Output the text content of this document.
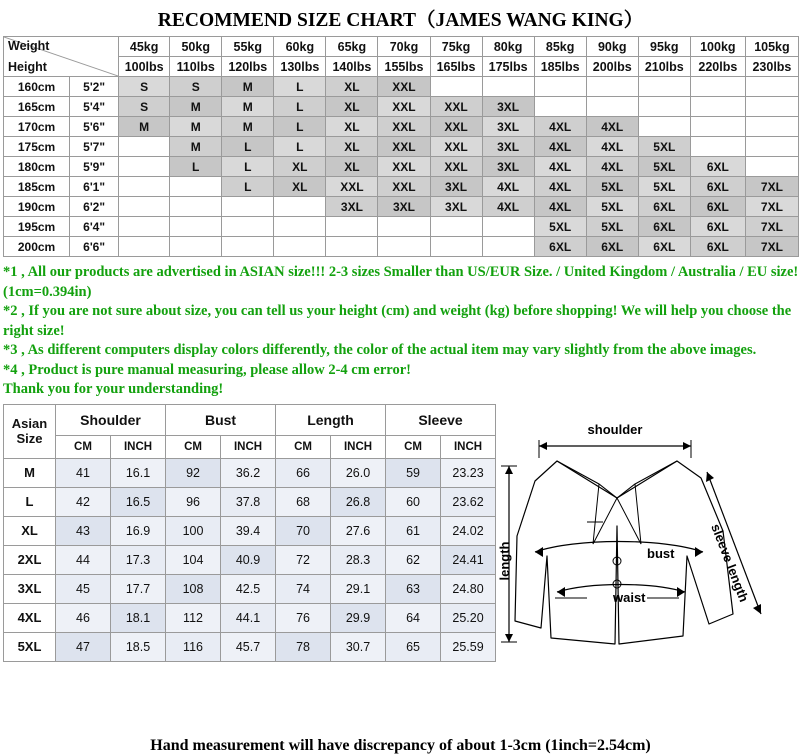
RECOMMEND SIZE CHART（JAMES WANG KING）
Weight
Height		45kg	50kg	55kg	60kg	65kg	70kg	75kg	80kg	85kg	90kg	95kg	100kg	105kg
		100lbs	110lbs	120lbs	130lbs	140lbs	155lbs	165lbs	175lbs	185lbs	200lbs	210lbs	220lbs	230lbs
160cm	5'2"	S	S	M	L	XL	XXL							
165cm	5'4"	S	M	M	L	XL	XXL	XXL	3XL					
170cm	5'6"	M	M	M	L	XL	XXL	XXL	3XL	4XL	4XL			
175cm	5'7"		M	L	L	XL	XXL	XXL	3XL	4XL	4XL	5XL		
180cm	5'9"		L	L	XL	XL	XXL	XXL	3XL	4XL	4XL	5XL	6XL	
185cm	6'1"			L	XL	XXL	XXL	3XL	4XL	4XL	5XL	5XL	6XL	7XL
190cm	6'2"					3XL	3XL	3XL	4XL	4XL	5XL	6XL	6XL	7XL
195cm	6'4"									5XL	5XL	6XL	6XL	7XL
200cm	6'6"									6XL	6XL	6XL	6XL	7XL

*1 , All our products are advertised in ASIAN size!!! 2-3 sizes Smaller than US/EUR Size. / United Kingdom / Australia / EU size! (1cm=0.394in)

*2 , If you are not sure about size, you can tell us your height (cm) and weight (kg) before shopping! We will help you choose the right size!

*3 , As different computers display colors differently, the color of the actual item may vary slightly from the above images.

*4 , Product is pure manual measuring, please allow 2-4 cm error!

Thank you for your understanding!

Asian
Size	Shoulder		Bust		Length		Sleeve	
	CM	INCH	CM	INCH	CM	INCH	CM	INCH
M	41	16.1	92	36.2	66	26.0	59	23.23
L	42	16.5	96	37.8	68	26.8	60	23.62
XL	43	16.9	100	39.4	70	27.6	61	24.02
2XL	44	17.3	104	40.9	72	28.3	62	24.41
3XL	45	17.7	108	42.5	74	29.1	63	24.80
4XL	46	18.1	112	44.1	76	29.9	64	25.20
5XL	47	18.5	116	45.7	78	30.7	65	25.59
shoulder
bust
waist
length	sleeve length
Hand measurement will have discrepancy of about 1-3cm (1inch=2.54cm)
